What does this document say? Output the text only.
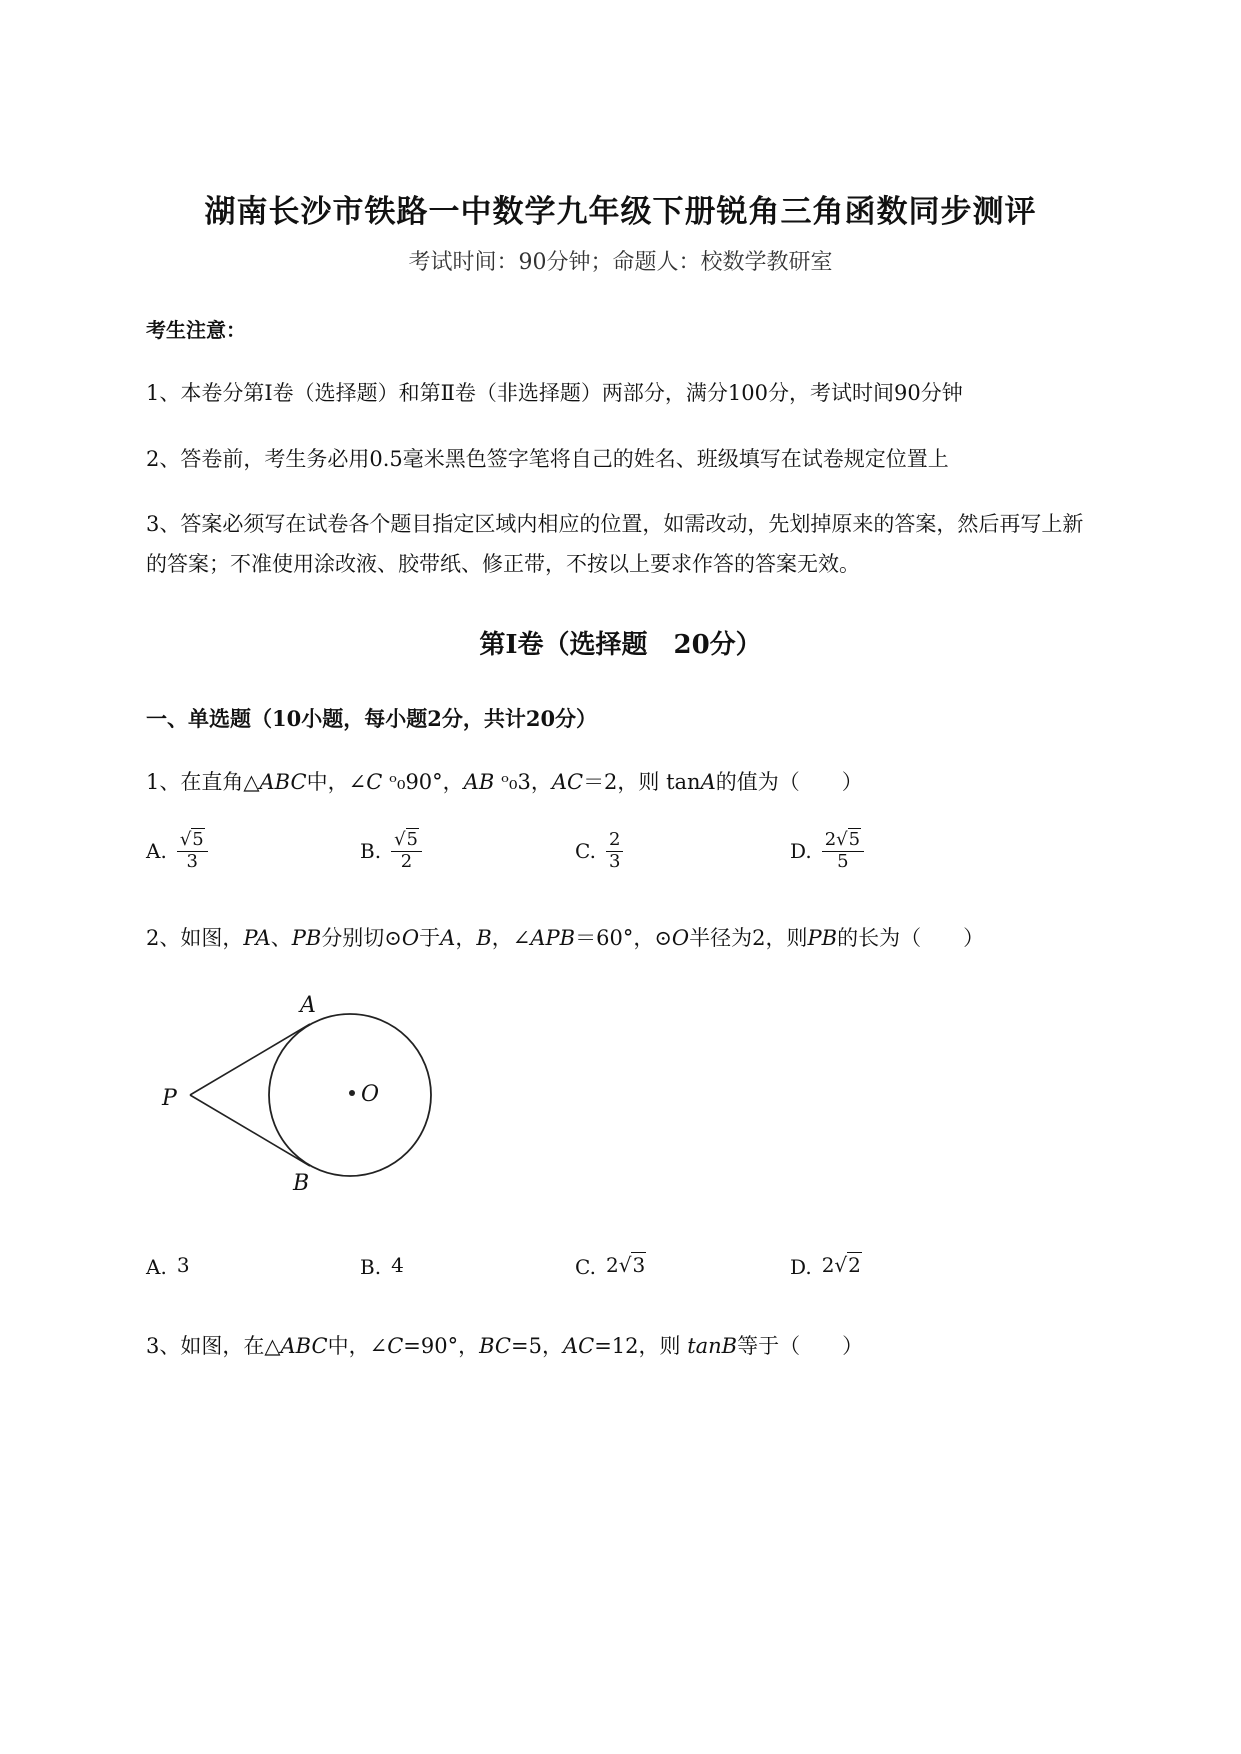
湖南长沙市铁路一中数学九年级下册锐角三角函数同步测评
考试时间：90分钟；命题人：校数学教研室
考生注意：
1、本卷分第Ⅰ卷（选择题）和第Ⅱ卷（非选择题）两部分，满分100分，考试时间90分钟
2、答卷前，考生务必用0.5毫米黑色签字笔将自己的姓名、班级填写在试卷规定位置上
3、答案必须写在试卷各个题目指定区域内相应的位置，如需改动，先划掉原来的答案，然后再写上新
的答案；不准使用涂改液、胶带纸、修正带，不按以上要求作答的答案无效。
第Ⅰ卷（选择题　20分）
一、单选题（10小题，每小题2分，共计20分）
1、在直角△ABC中，∠C ᵒ₀90°，AB ᵒ₀3，AC＝2，则 tanA的值为（　　）
A. $\frac{√5}{3}$	B. $\frac{√5}{2}$	C. $\frac{2}{3}$	D. $\frac{2√5}{5}$
2、如图，PA、PB分别切⊙O于A，B，∠APB＝60°，⊙O半径为2，则PB的长为（　　）
A
B
P	O
A. 3	B. 4	C. 2√3	D. 2√2
3、如图，在△ABC中，∠C=90°，BC=5，AC=12，则 tanB等于（　　）
